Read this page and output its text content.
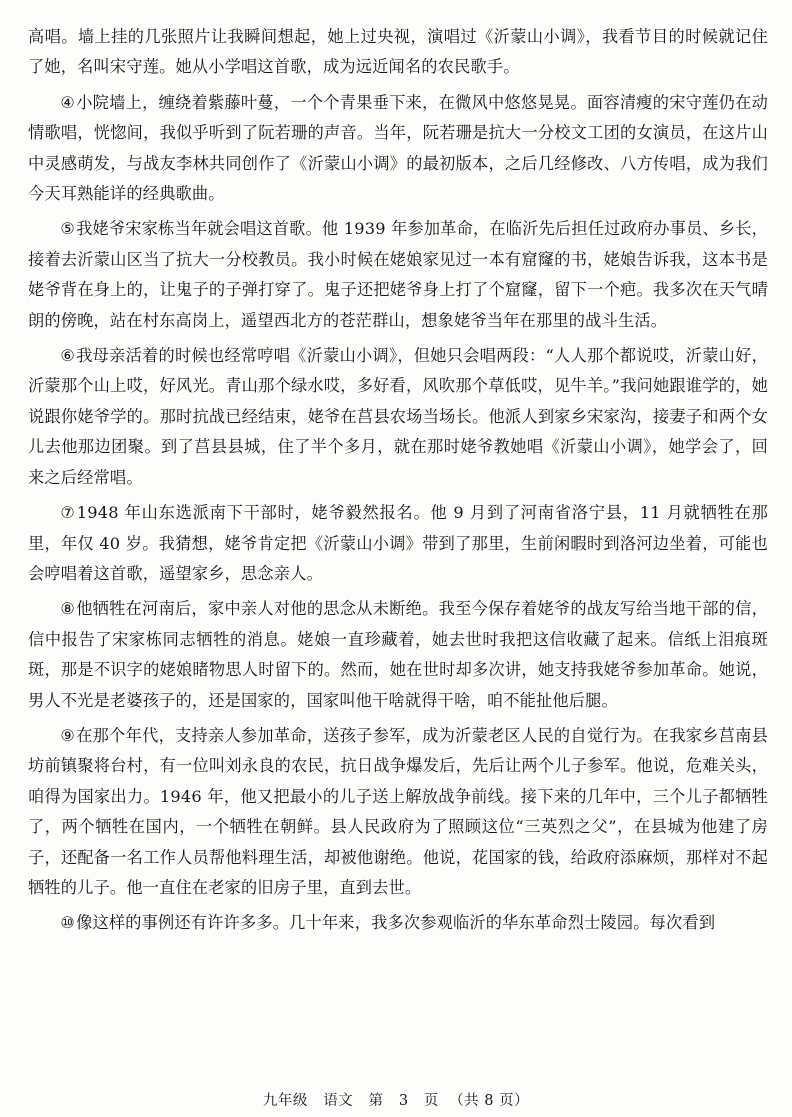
高唱。墙上挂的几张照片让我瞬间想起，她上过央视，演唱过《沂蒙山小调》，我看节目的时候就记住了她，名叫宋守莲。她从小学唱这首歌，成为远近闻名的农民歌手。

④小院墙上，缠绕着紫藤叶蔓，一个个青果垂下来，在微风中悠悠晃晃。面容清瘦的宋守莲仍在动情歌唱，恍惚间，我似乎听到了阮若珊的声音。当年，阮若珊是抗大一分校文工团的女演员，在这片山中灵感萌发，与战友李林共同创作了《沂蒙山小调》的最初版本，之后几经修改、八方传唱，成为我们今天耳熟能详的经典歌曲。

⑤我姥爷宋家栋当年就会唱这首歌。他 1939 年参加革命，在临沂先后担任过政府办事员、乡长，接着去沂蒙山区当了抗大一分校教员。我小时候在姥娘家见过一本有窟窿的书，姥娘告诉我，这本书是姥爷背在身上的，让鬼子的子弹打穿了。鬼子还把姥爷身上打了个窟窿，留下一个疤。我多次在天气晴朗的傍晚，站在村东高岗上，遥望西北方的苍茫群山，想象姥爷当年在那里的战斗生活。

⑥我母亲活着的时候也经常哼唱《沂蒙山小调》，但她只会唱两段：“人人那个都说哎，沂蒙山好，沂蒙那个山上哎，好风光。青山那个绿水哎，多好看，风吹那个草低哎，见牛羊。”我问她跟谁学的，她说跟你姥爷学的。那时抗战已经结束，姥爷在莒县农场当场长。他派人到家乡宋家沟，接妻子和两个女儿去他那边团聚。到了莒县县城，住了半个多月，就在那时姥爷教她唱《沂蒙山小调》，她学会了，回来之后经常唱。

⑦1948 年山东选派南下干部时，姥爷毅然报名。他 9 月到了河南省洛宁县，11 月就牺牲在那里，年仅 40 岁。我猜想，姥爷肯定把《沂蒙山小调》带到了那里，生前闲暇时到洛河边坐着，可能也会哼唱着这首歌，遥望家乡，思念亲人。

⑧他牺牲在河南后，家中亲人对他的思念从未断绝。我至今保存着姥爷的战友写给当地干部的信，信中报告了宋家栋同志牺牲的消息。姥娘一直珍藏着，她去世时我把这信收藏了起来。信纸上泪痕斑斑，那是不识字的姥娘睹物思人时留下的。然而，她在世时却多次讲，她支持我姥爷参加革命。她说，男人不光是老婆孩子的，还是国家的，国家叫他干啥就得干啥，咱不能扯他后腿。

⑨在那个年代，支持亲人参加革命，送孩子参军，成为沂蒙老区人民的自觉行为。在我家乡莒南县坊前镇聚将台村，有一位叫刘永良的农民，抗日战争爆发后，先后让两个儿子参军。他说，危难关头，咱得为国家出力。1946 年，他又把最小的儿子送上解放战争前线。接下来的几年中，三个儿子都牺牲了，两个牺牲在国内，一个牺牲在朝鲜。县人民政府为了照顾这位“三英烈之父”，在县城为他建了房子，还配备一名工作人员帮他料理生活，却被他谢绝。他说，花国家的钱，给政府添麻烦，那样对不起牺牲的儿子。他一直住在老家的旧房子里，直到去世。

⑩像这样的事例还有许许多多。几十年来，我多次参观临沂的华东革命烈士陵园。每次看到

九年级   语文   第   3   页  （共 8 页）
